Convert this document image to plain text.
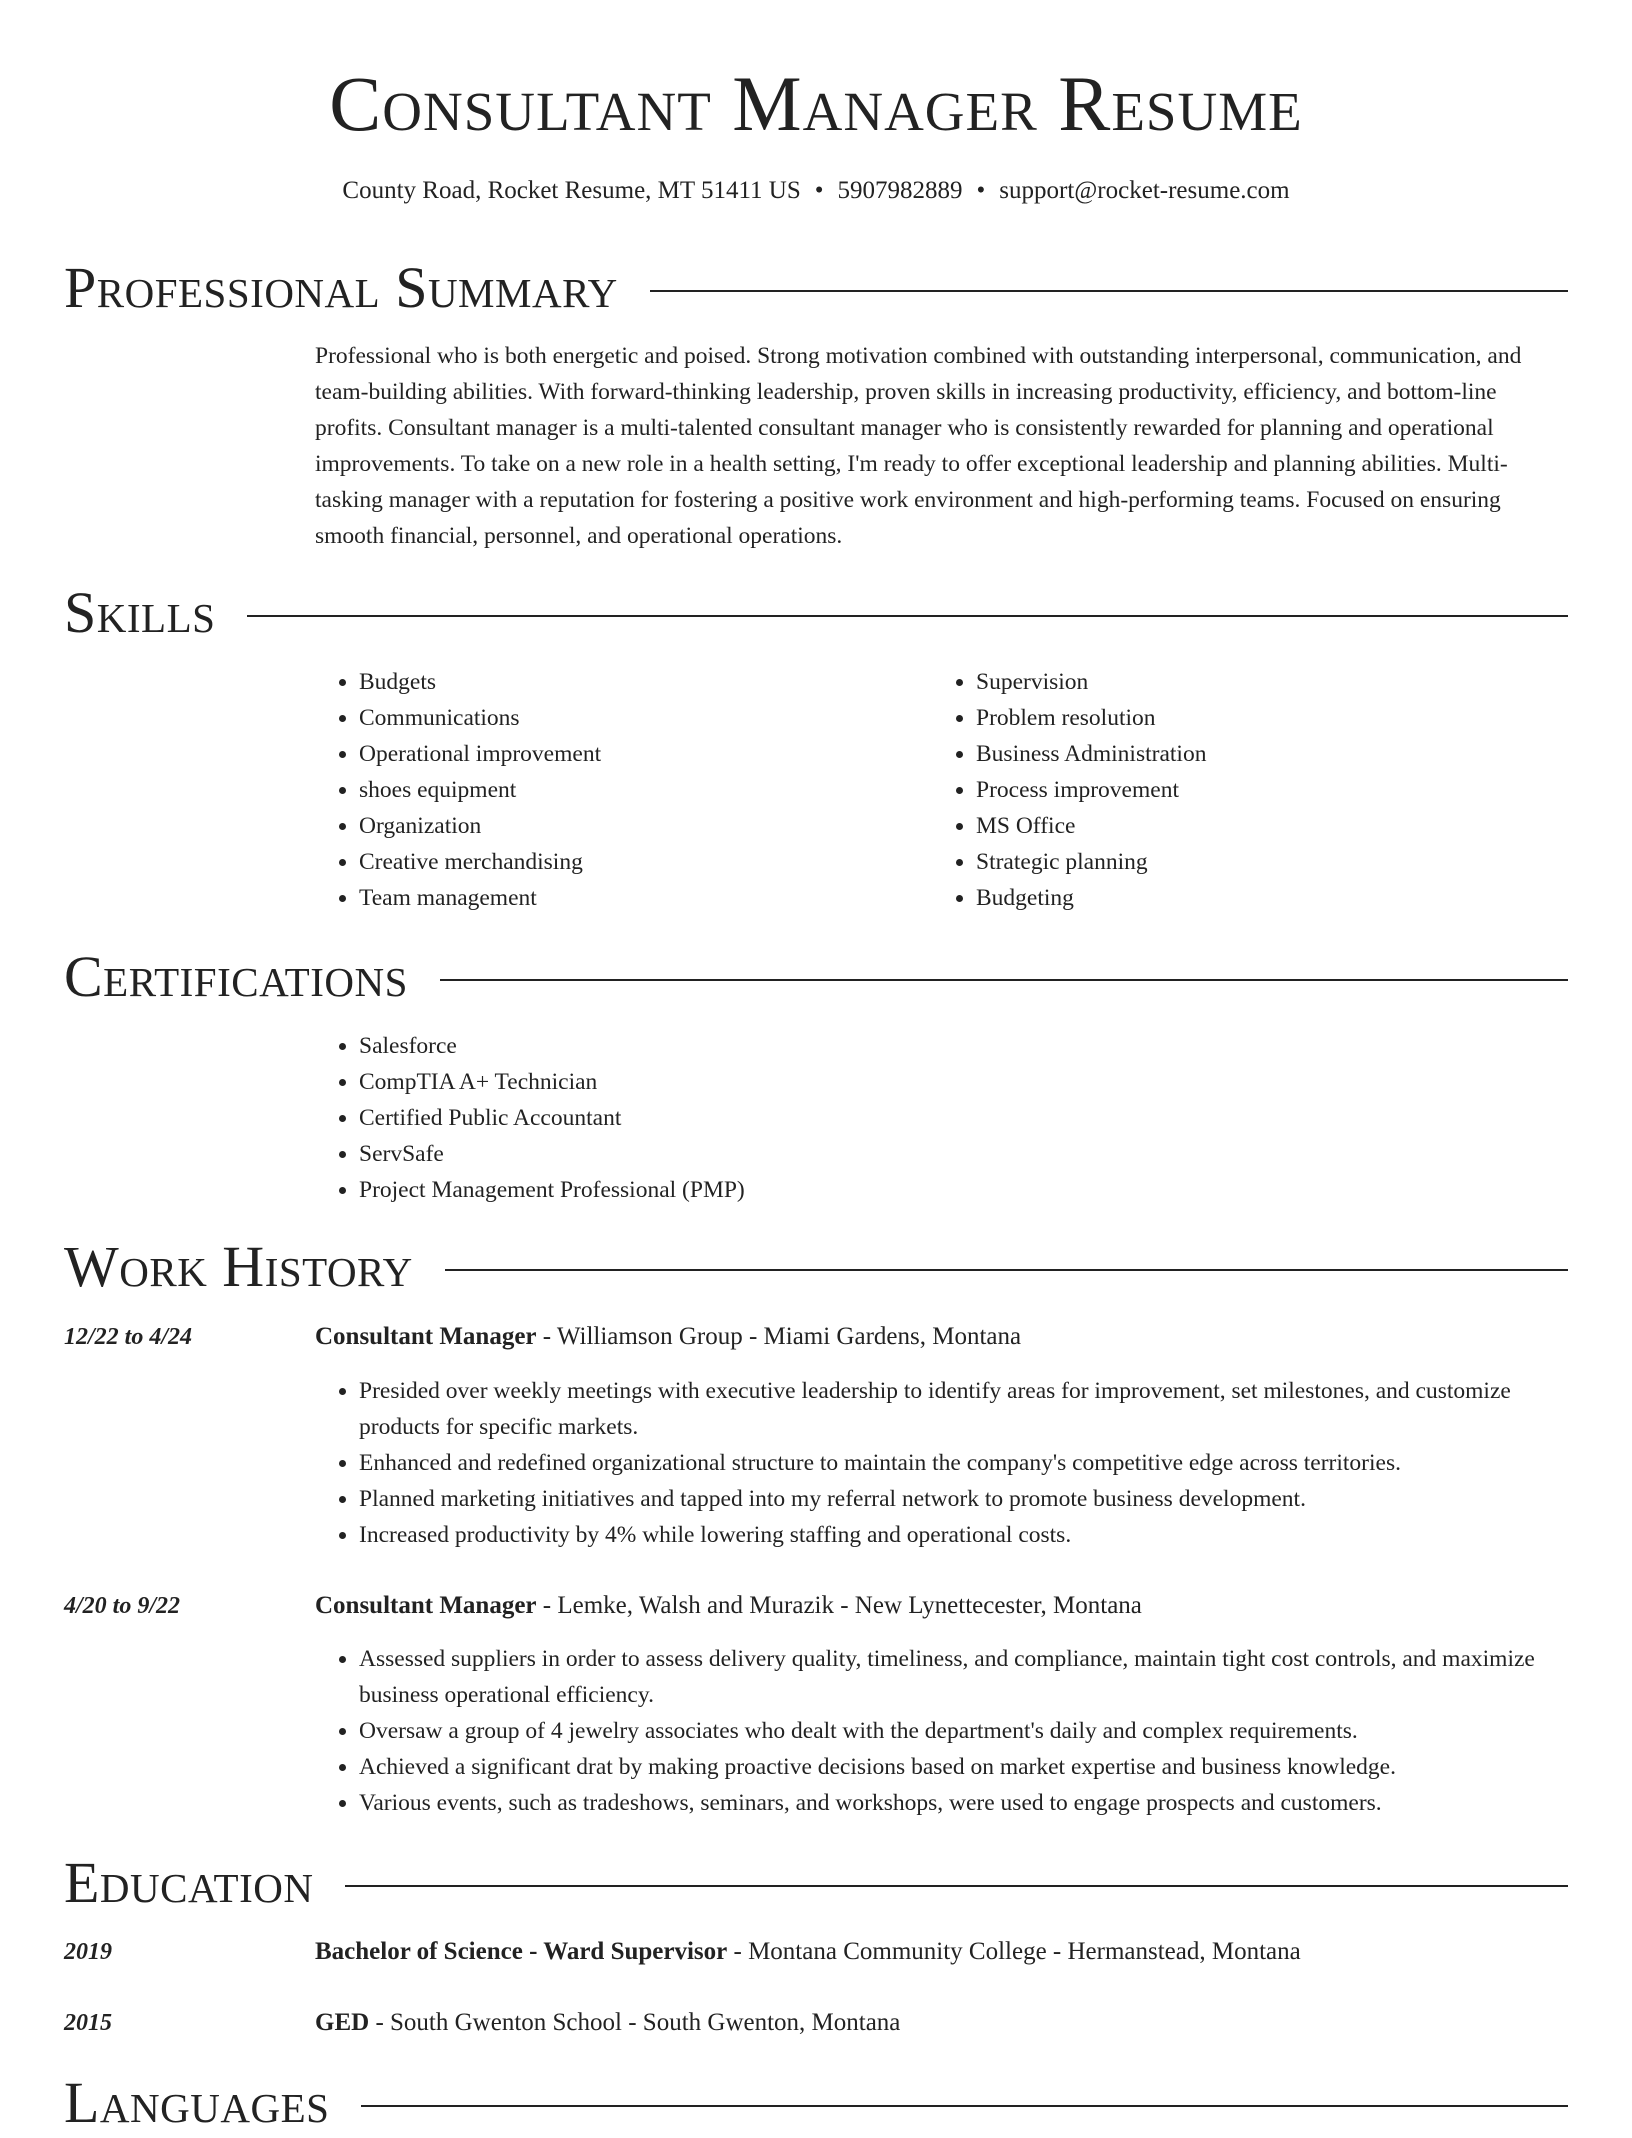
Consultant Manager Resume
County Road, Rocket Resume, MT 51411 US • 5907982889 • support@rocket-resume.com
Professional Summary
Professional who is both energetic and poised. Strong motivation combined with outstanding interpersonal, communication, and team-building abilities. With forward-thinking leadership, proven skills in increasing productivity, efficiency, and bottom-line profits. Consultant manager is a multi-talented consultant manager who is consistently rewarded for planning and operational improvements. To take on a new role in a health setting, I'm ready to offer exceptional leadership and planning abilities. Multi-tasking manager with a reputation for fostering a positive work environment and high-performing teams. Focused on ensuring smooth financial, personnel, and operational operations.
Skills
• Budgets
• Communications
• Operational improvement
• shoes equipment
• Organization
• Creative merchandising
• Team management
• Supervision
• Problem resolution
• Business Administration
• Process improvement
• MS Office
• Strategic planning
• Budgeting
Certifications
• Salesforce
• CompTIA A+ Technician
• Certified Public Accountant
• ServSafe
• Project Management Professional (PMP)
Work History
12/22 to 4/24	Consultant Manager - Williamson Group - Miami Gardens, Montana
• Presided over weekly meetings with executive leadership to identify areas for improvement, set milestones, and customize products for specific markets.
• Enhanced and redefined organizational structure to maintain the company's competitive edge across territories.
• Planned marketing initiatives and tapped into my referral network to promote business development.
• Increased productivity by 4% while lowering staffing and operational costs.
4/20 to 9/22	Consultant Manager - Lemke, Walsh and Murazik - New Lynettecester, Montana
• Assessed suppliers in order to assess delivery quality, timeliness, and compliance, maintain tight cost controls, and maximize business operational efficiency.
• Oversaw a group of 4 jewelry associates who dealt with the department's daily and complex requirements.
• Achieved a significant drat by making proactive decisions based on market expertise and business knowledge.
• Various events, such as tradeshows, seminars, and workshops, were used to engage prospects and customers.
Education
2019	Bachelor of Science - Ward Supervisor - Montana Community College - Hermanstead, Montana
2015	GED - South Gwenton School - South Gwenton, Montana
Languages
